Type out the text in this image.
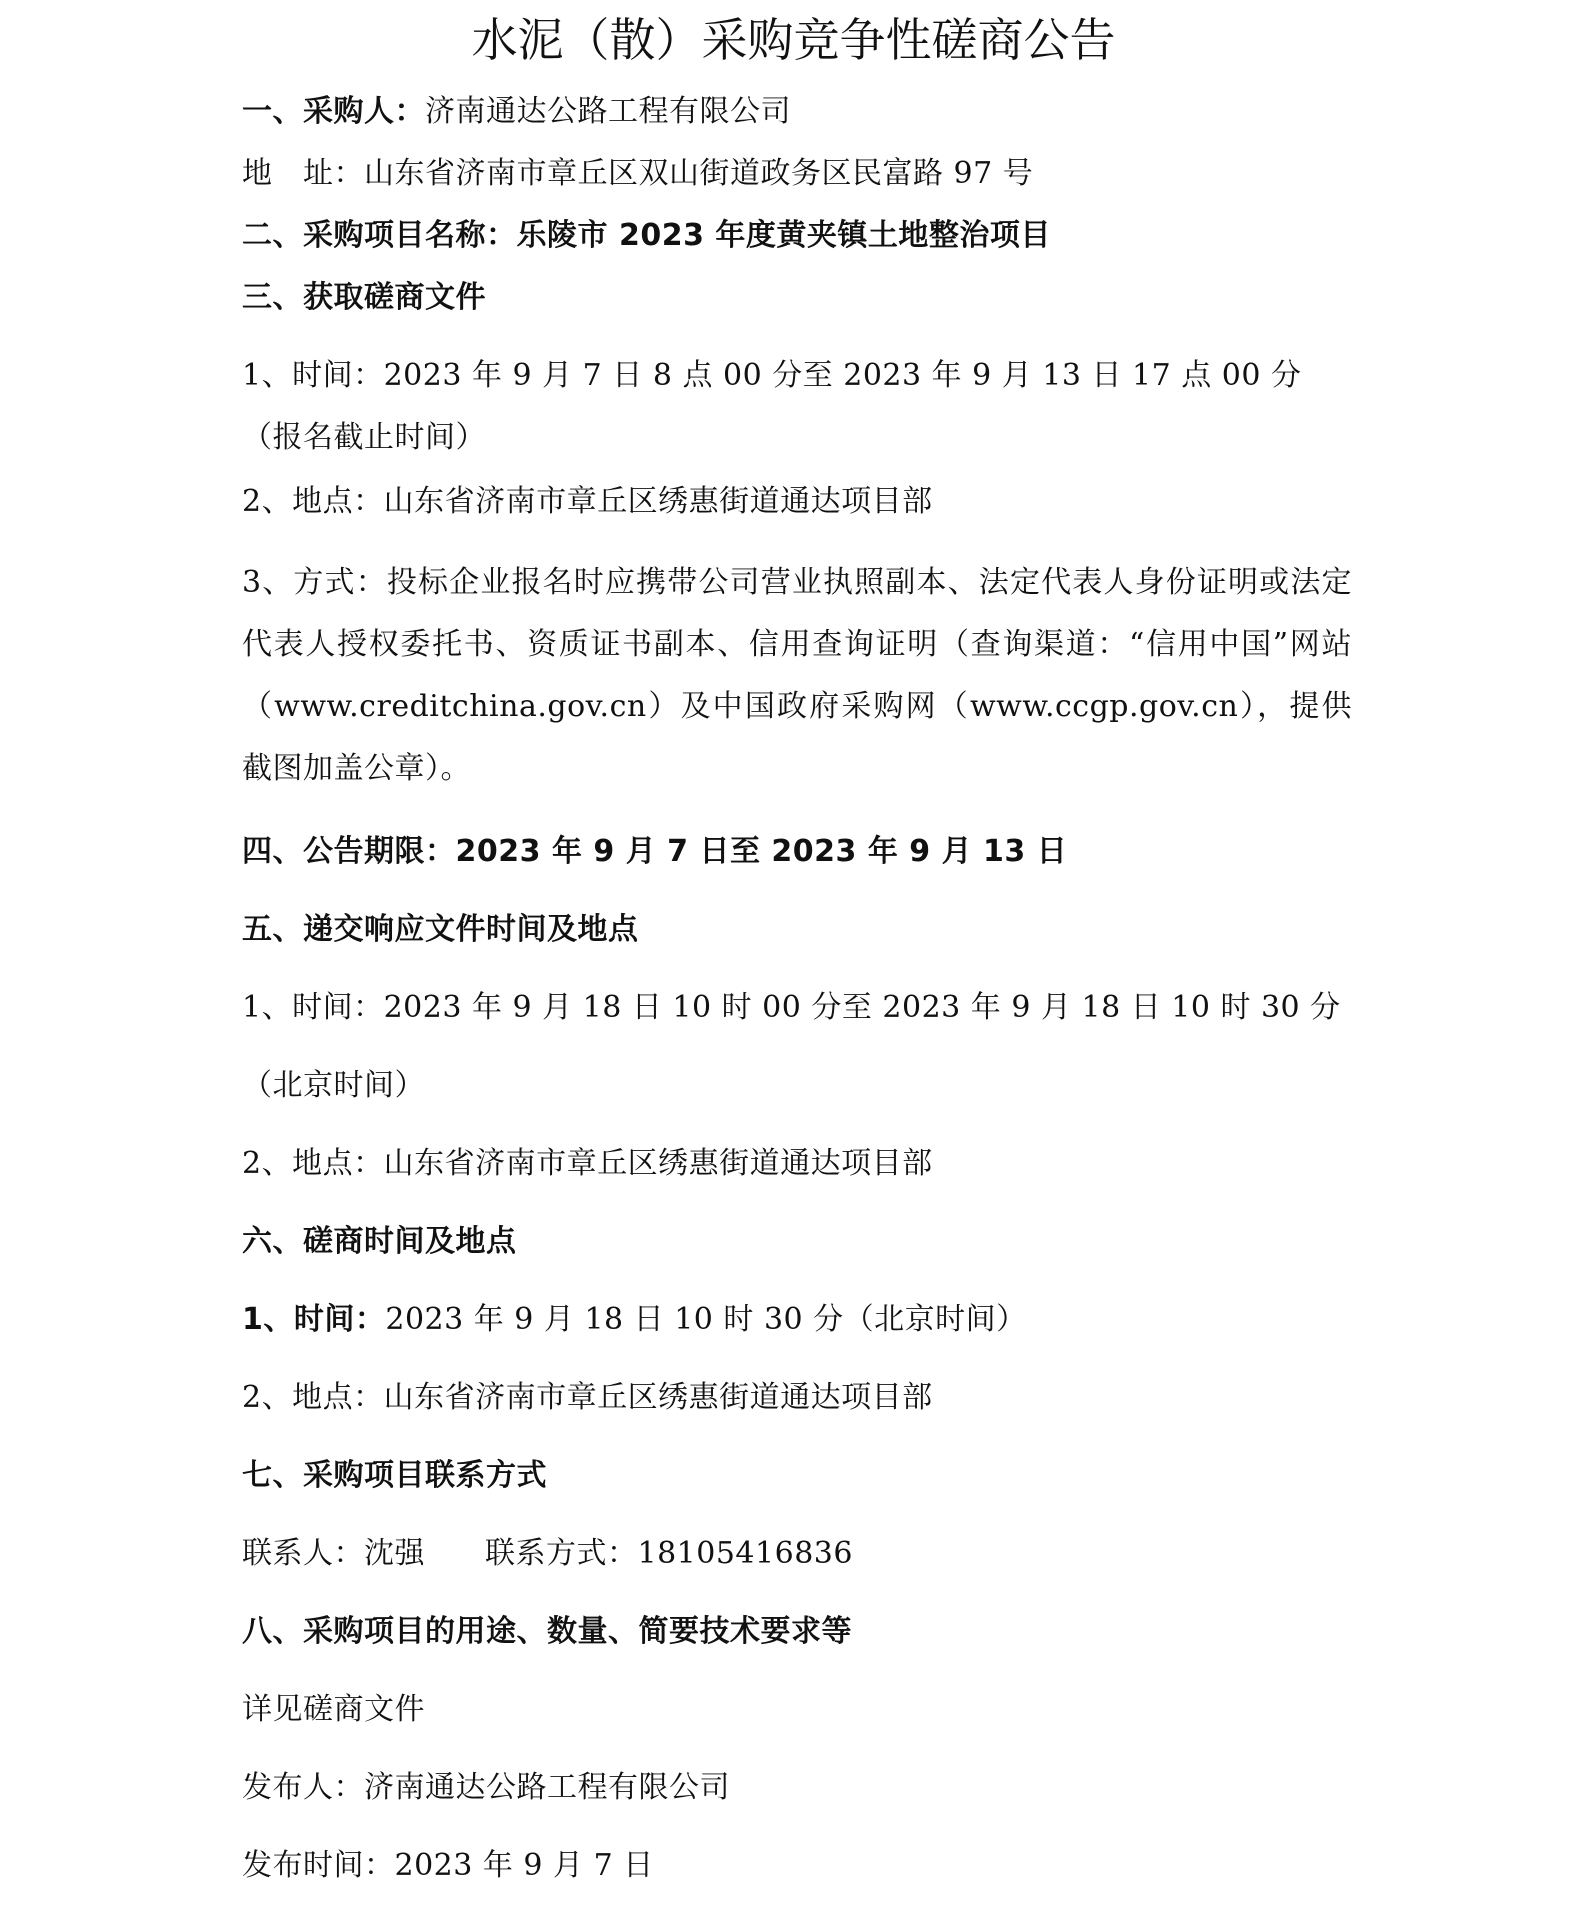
水泥（散）采购竞争性磋商公告
一、采购人：济南通达公路工程有限公司
地　址：山东省济南市章丘区双山街道政务区民富路 97 号
二、采购项目名称：乐陵市 2023 年度黄夹镇土地整治项目
三、获取磋商文件
1、时间：2023 年 9 月 7 日 8 点 00 分至 2023 年 9 月 13 日 17 点 00 分
（报名截止时间）
2、地点：山东省济南市章丘区绣惠街道通达项目部
3、方式：投标企业报名时应携带公司营业执照副本、法定代表人身份证明或法定代表人授权委托书、资质证书副本、信用查询证明（查询渠道：“信用中国”网站（www.creditchina.gov.cn）及中国政府采购网（www.ccgp.gov.cn），提供截图加盖公章）。
四、公告期限：2023 年 9 月 7 日至 2023 年 9 月 13 日
五、递交响应文件时间及地点
1、时间：2023 年 9 月 18 日 10 时 00 分至 2023 年 9 月 18 日 10 时 30 分
（北京时间）
2、地点：山东省济南市章丘区绣惠街道通达项目部
六、磋商时间及地点
1、时间：2023 年 9 月 18 日 10 时 30 分（北京时间）
2、地点：山东省济南市章丘区绣惠街道通达项目部
七、采购项目联系方式
联系人：沈强 联系方式：18105416836
八、采购项目的用途、数量、简要技术要求等
详见磋商文件
发布人：济南通达公路工程有限公司
发布时间：2023 年 9 月 7 日
